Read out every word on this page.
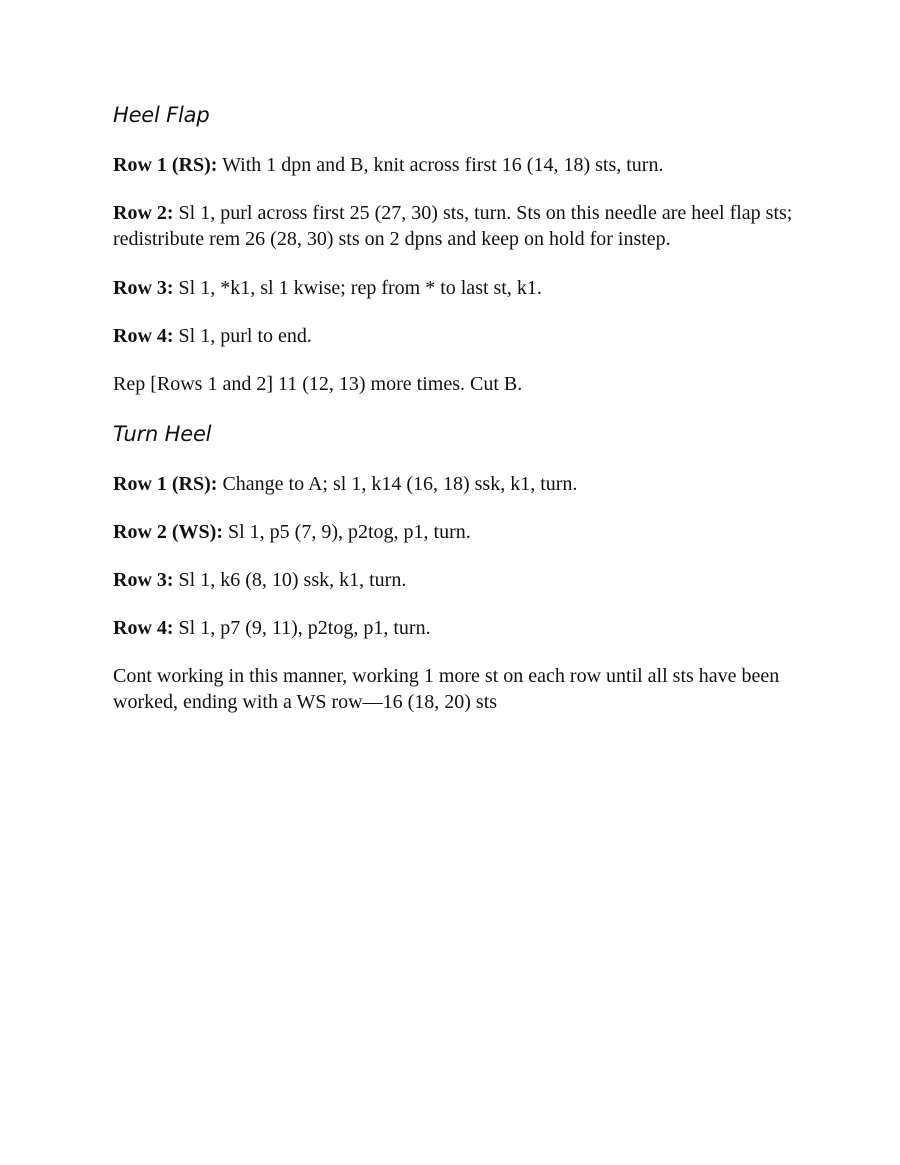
Heel Flap

Row 1 (RS): With 1 dpn and B, knit across first 16 (14, 18) sts, turn.

Row 2: Sl 1, purl across first 25 (27, 30) sts, turn. Sts on this needle are heel flap sts; redistribute rem 26 (28, 30) sts on 2 dpns and keep on hold for instep.

Row 3: Sl 1, *k1, sl 1 kwise; rep from * to last st, k1.

Row 4: Sl 1, purl to end.

Rep [Rows 1 and 2] 11 (12, 13) more times. Cut B.

Turn Heel

Row 1 (RS): Change to A; sl 1, k14 (16, 18) ssk, k1, turn.

Row 2 (WS): Sl 1, p5 (7, 9), p2tog, p1, turn.

Row 3: Sl 1, k6 (8, 10) ssk, k1, turn.

Row 4: Sl 1, p7 (9, 11), p2tog, p1, turn.

Cont working in this manner, working 1 more st on each row until all sts have been worked, ending with a WS row—16 (18, 20) sts
